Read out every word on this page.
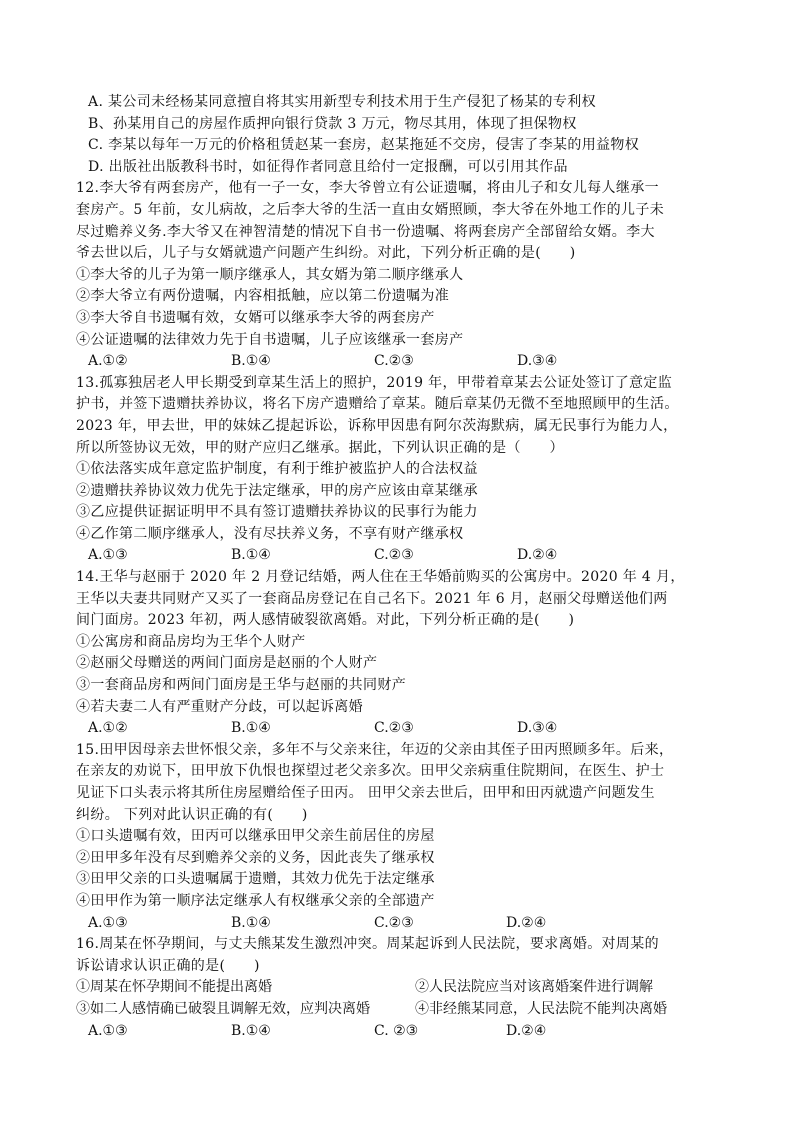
A. 某公司未经杨某同意擅自将其实用新型专利技术用于生产侵犯了杨某的专利权
B、孙某用自己的房屋作质押向银行贷款 3 万元，物尽其用，体现了担保物权
C. 李某以每年一万元的价格租赁赵某一套房，赵某拖延不交房，侵害了李某的用益物权
D. 出版社出版教科书时，如征得作者同意且给付一定报酬，可以引用其作品
12.李大爷有两套房产，他有一子一女，李大爷曾立有公证遗嘱，将由儿子和女儿每人继承一
套房产。5 年前，女儿病故，之后李大爷的生活一直由女婿照顾，李大爷在外地工作的儿子未
尽过赡养义务.李大爷又在神智清楚的情况下自书一份遗嘱、将两套房产全部留给女婿。李大
爷去世以后，儿子与女婿就遗产问题产生纠纷。对此，下列分析正确的是(　　)
①李大爷的儿子为第一顺序继承人，其女婿为第二顺序继承人
②李大爷立有两份遗嘱，内容相抵触，应以第二份遗嘱为准
③李大爷自书遗嘱有效，女婿可以继承李大爷的两套房产
④公证遗嘱的法律效力先于自书遗嘱，儿子应该继承一套房产
A.①②	B.①④	C.②③	D.③④
13.孤寡独居老人甲长期受到章某生活上的照护，2019 年，甲带着章某去公证处签订了意定监
护书，并签下遗赠扶养协议，将名下房产遗赠给了章某。随后章某仍无微不至地照顾甲的生活。
2023 年，甲去世，甲的妹妹乙提起诉讼，诉称甲因患有阿尔茨海默病，属无民事行为能力人，
所以所签协议无效，甲的财产应归乙继承。据此，下列认识正确的是（　　）
①依法落实成年意定监护制度，有利于维护被监护人的合法权益
②遗赠扶养协议效力优先于法定继承，甲的房产应该由章某继承
③乙应提供证据证明甲不具有签订遗赠扶养协议的民事行为能力
④乙作第二顺序继承人，没有尽扶养义务，不享有财产继承权
A.①③	B.①④	C.②③	D.②④
14.王华与赵丽于 2020 年 2 月登记结婚，两人住在王华婚前购买的公寓房中。2020 年 4 月，
王华以夫妻共同财产又买了一套商品房登记在自己名下。2021 年 6 月，赵丽父母赠送他们两
间门面房。2023 年初，两人感情破裂欲离婚。对此，下列分析正确的是(　　)
①公寓房和商品房均为王华个人财产
②赵丽父母赠送的两间门面房是赵丽的个人财产
③一套商品房和两间门面房是王华与赵丽的共同财产
④若夫妻二人有严重财产分歧，可以起诉离婚
A.①②	B.①④	C.②③	D.③④
15.田甲因母亲去世怀恨父亲，多年不与父亲来往，年迈的父亲由其侄子田丙照顾多年。后来，
在亲友的劝说下，田甲放下仇恨也探望过老父亲多次。田甲父亲病重住院期间，在医生、护士
见证下口头表示将其所住房屋赠给侄子田丙。 田甲父亲去世后，田甲和田丙就遗产问题发生
纠纷。 下列对此认识正确的有(　　)
①口头遗嘱有效，田丙可以继承田甲父亲生前居住的房屋
②田甲多年没有尽到赡养父亲的义务，因此丧失了继承权
③田甲父亲的口头遗嘱属于遗赠，其效力优先于法定继承
④田甲作为第一顺序法定继承人有权继承父亲的全部遗产
A.①③	B.①④	C.②③	D.②④
16.周某在怀孕期间，与丈夫熊某发生激烈冲突。周某起诉到人民法院，要求离婚。对周某的
诉讼请求认识正确的是(　　)
①周某在怀孕期间不能提出离婚	②人民法院应当对该离婚案件进行调解
③如二人感情确已破裂且调解无效，应判决离婚	④非经熊某同意，人民法院不能判决离婚
A.①③	B.①④	C. ②③	D.②④
